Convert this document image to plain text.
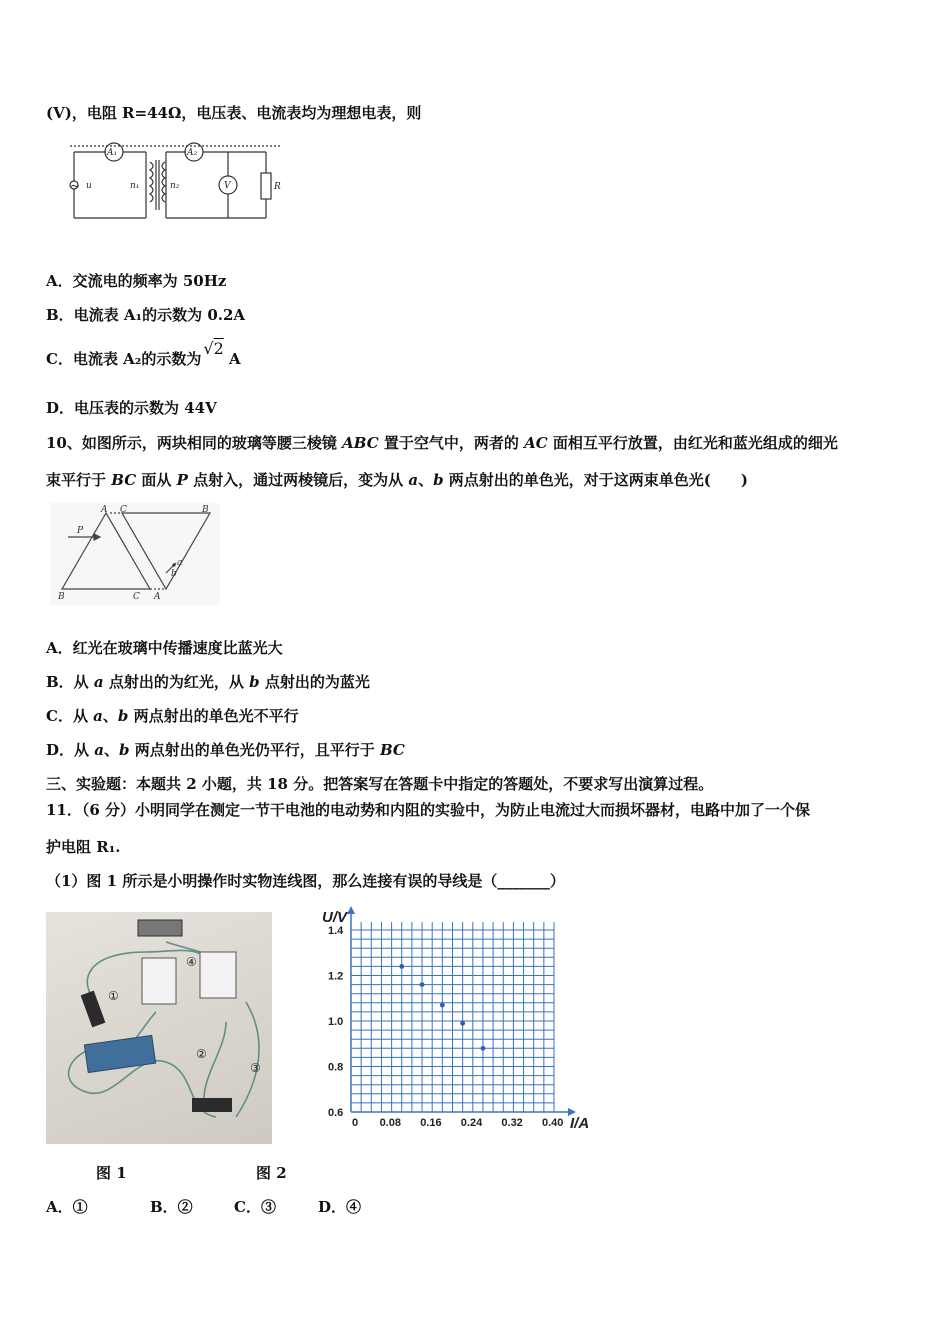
(V)，电阻 R=44Ω，电压表、电流表均为理想电表，则
A₁	A₂
V	R
u	n₁	n₂
~
A．交流电的频率为 50Hz
B．电流表 A₁的示数为 0.2A
C．电流表 A₂的示数为√2 A
D．电压表的示数为 44V
10、如图所示，两块相同的玻璃等腰三棱镜 ABC 置于空气中，两者的 AC 面相互平行放置，由红光和蓝光组成的细光
束平行于 BC 面从 P 点射入，通过两棱镜后，变为从 a、b 两点射出的单色光，对于这两束单色光(　　)
A C	B
B	C A
P
a
b
A．红光在玻璃中传播速度比蓝光大
B．从 a 点射出的为红光，从 b 点射出的为蓝光
C．从 a、b 两点射出的单色光不平行
D．从 a、b 两点射出的单色光仍平行，且平行于 BC
三、实验题：本题共 2 小题，共 18 分。把答案写在答题卡中指定的答题处，不要求写出演算过程。
11．（6 分）小明同学在测定一节干电池的电动势和内阻的实验中，为防止电流过大而损坏器材，电路中加了一个保
护电阻 R₁.
（1）图 1 所示是小明操作时实物连线图，那么连接有误的导线是（_______）
①
②
③
④
U/V
I/A
0 0.08 0.16 0.24 0.32 0.40
0.6
0.8
1.0
1.2
1.4
图 1	图 2
A．①	B．②	C．③	D．④
